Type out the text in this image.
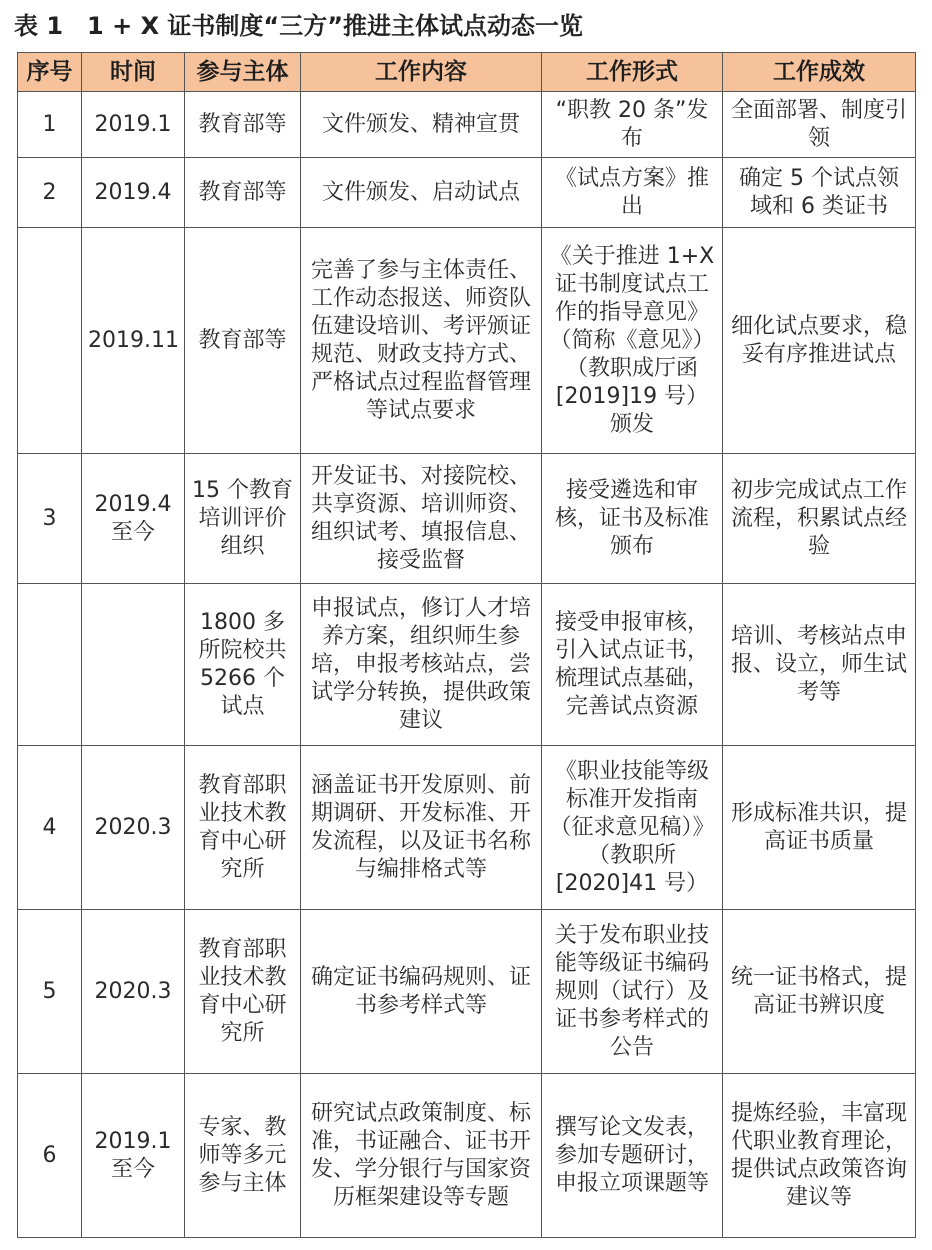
表 1　1 + X 证书制度“三方”推进主体试点动态一览
序号	时间	参与主体	工作内容	工作形式	工作成效
1	2019.1	教育部等	文件颁发、精神宣贯	“职教 20 条”发布	全面部署、制度引领
2	2019.4	教育部等	文件颁发、启动试点	《试点方案》推出	确定 5 个试点领域和 6 类证书
	2019.11	教育部等	完善了参与主体责任、工作动态报送、师资队伍建设培训、考评颁证规范、财政支持方式、严格试点过程监督管理等试点要求	《关于推进 1+X 证书制度试点工作的指导意见》（简称《意见》）（教职成厅函 [2019]19 号）颁发	细化试点要求，稳妥有序推进试点
3	2019.4 至今	15 个教育培训评价组织	开发证书、对接院校、共享资源、培训师资、组织试考、填报信息、接受监督	接受遴选和审核，证书及标准颁布	初步完成试点工作流程，积累试点经验
		1800 多所院校共 5266 个试点	申报试点，修订人才培养方案，组织师生参培，申报考核站点，尝试学分转换，提供政策建议	接受申报审核，引入试点证书，梳理试点基础，完善试点资源	培训、考核站点申报、设立，师生试考等
4	2020.3	教育部职业技术教育中心研究所	涵盖证书开发原则、前期调研、开发标准、开发流程，以及证书名称与编排格式等	《职业技能等级标准开发指南（征求意见稿）》（教职所 [2020]41 号）	形成标准共识，提高证书质量
5	2020.3	教育部职业技术教育中心研究所	确定证书编码规则、证书参考样式等	关于发布职业技能等级证书编码规则（试行）及证书参考样式的公告	统一证书格式，提高证书辨识度
6	2019.1 至今	专家、教师等多元参与主体	研究试点政策制度、标准，书证融合、证书开发、学分银行与国家资历框架建设等专题	撰写论文发表，参加专题研讨，申报立项课题等	提炼经验，丰富现代职业教育理论，提供试点政策咨询建议等
